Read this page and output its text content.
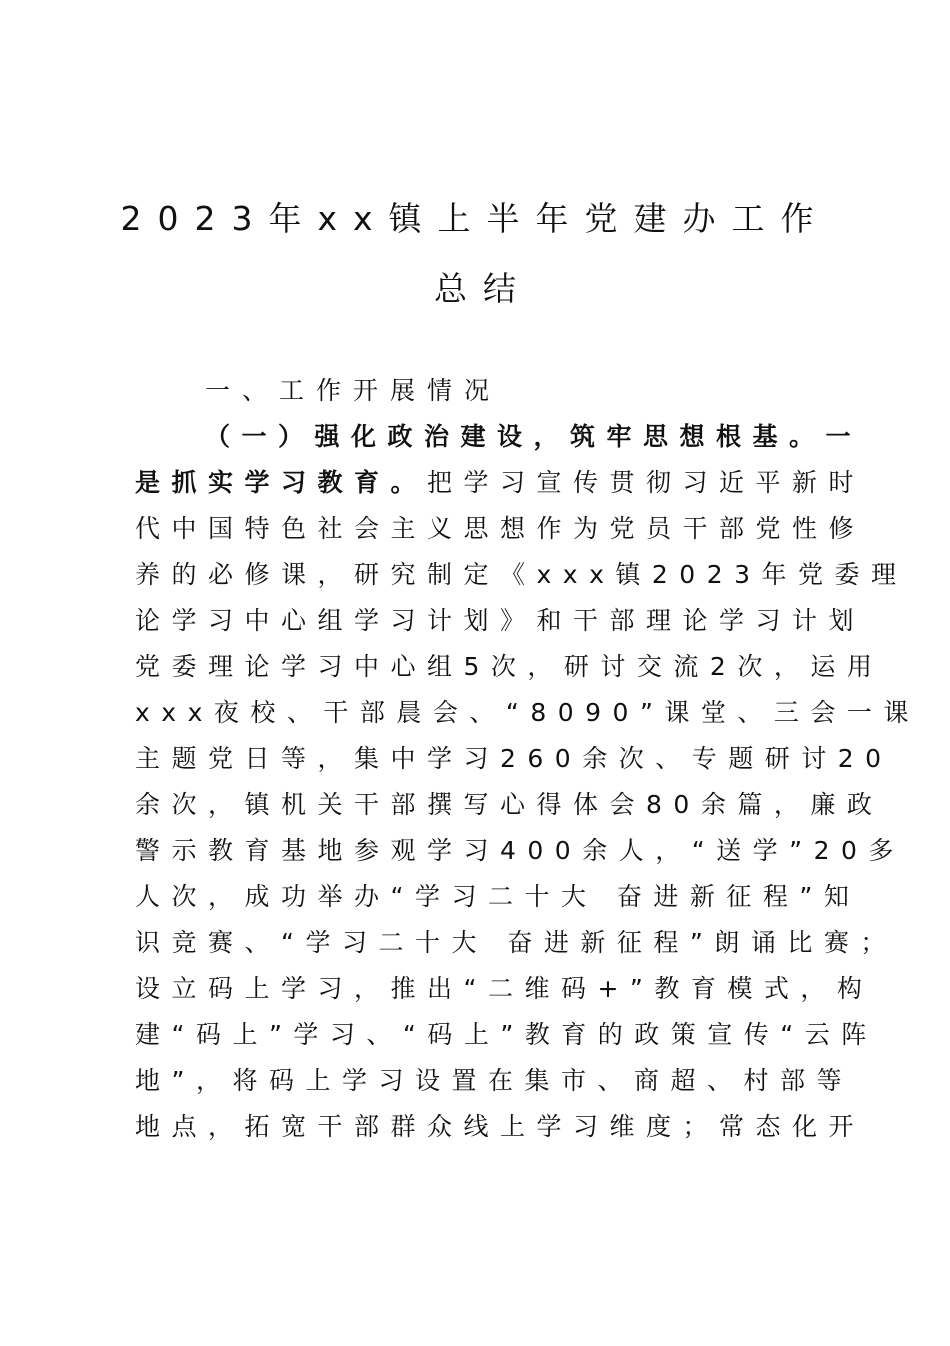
2023年xx镇上半年党建办工作
总结
一、工作开展情况
（一）强化政治建设，筑牢思想根基。一
是抓实学习教育。把学习宣传贯彻习近平新时
代中国特色社会主义思想作为党员干部党性修
养的必修课，研究制定《xxx镇2023年党委理
论学习中心组学习计划》和干部理论学习计划
党委理论学习中心组5次，研讨交流2次，运用
xxx夜校、干部晨会、“8090”课堂、三会一课
主题党日等，集中学习260余次、专题研讨20
余次，镇机关干部撰写心得体会80余篇，廉政
警示教育基地参观学习400余人，“送学”20多
人次，成功举办“学习二十大 奋进新征程”知
识竞赛、“学习二十大 奋进新征程”朗诵比赛；
设立码上学习，推出“二维码+”教育模式，构
建“码上”学习、“码上”教育的政策宣传“云阵
地”，将码上学习设置在集市、商超、村部等
地点，拓宽干部群众线上学习维度；常态化开
